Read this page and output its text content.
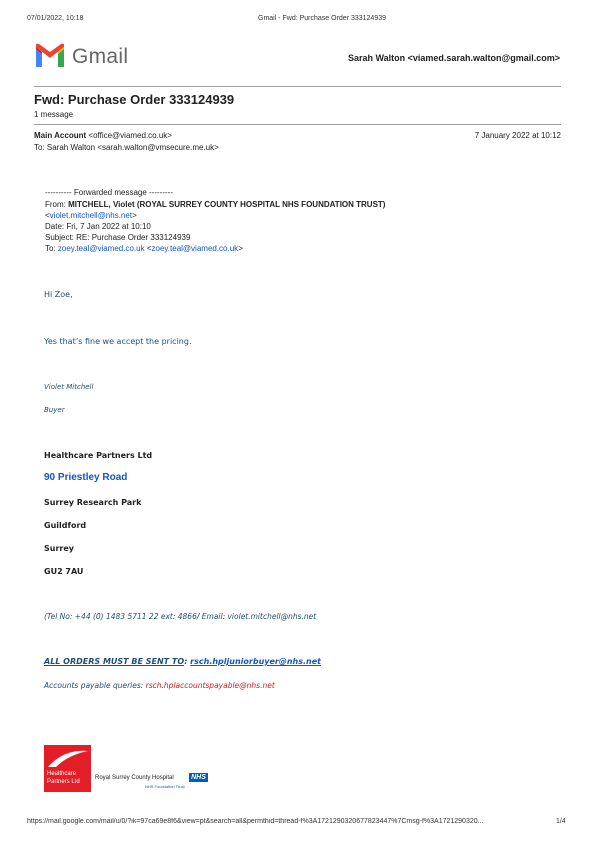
07/01/2022, 10:18	Gmail - Fwd: Purchase Order 333124939
Gmail	Sarah Walton <viamed.sarah.walton@gmail.com>
Fwd: Purchase Order 333124939
1 message
Main Account <office@viamed.co.uk>	7 January 2022 at 10:12
To: Sarah Walton <sarah.walton@vmsecure.me.uk>
---------- Forwarded message ---------
From: MITCHELL, Violet (ROYAL SURREY COUNTY HOSPITAL NHS FOUNDATION TRUST)
<violet.mitchell@nhs.net>
Date: Fri, 7 Jan 2022 at 10:10
Subject: RE: Purchase Order 333124939
To: zoey.teal@viamed.co.uk <zoey.teal@viamed.co.uk>
Hi Zoe,
Yes that’s fine we accept the pricing.
Violet Mitchell
Buyer
Healthcare Partners Ltd
90 Priestley Road
Surrey Research Park
Guildford
Surrey
GU2 7AU
(Tel No: +44 (0) 1483 5711 22 ext: 4866/ Email: violet.mitchell@nhs.net
ALL ORDERS MUST BE SENT TO: rsch.hpljuniorbuyer@nhs.net
Accounts payable queries: rsch.hplaccountspayable@nhs.net
Healthcare
Partners Ltd
Royal Surrey County Hospital	NHS
NHS Foundation Trust
https://mail.google.com/mail/u/0/?ik=97ca69e8f6&view=pt&search=all&permthid=thread-f%3A1721290320677823447%7Cmsg-f%3A1721290320...	1/4
